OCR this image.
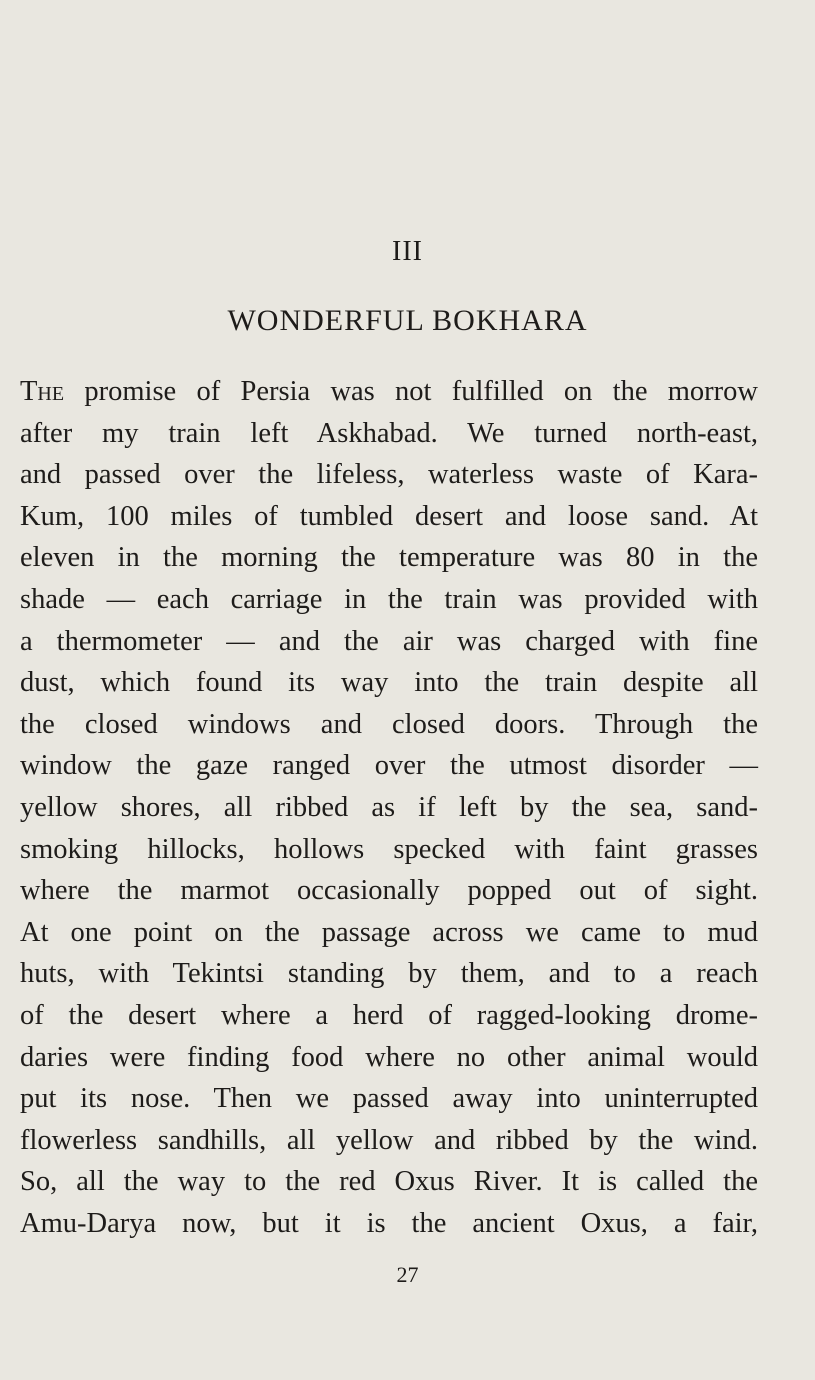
III
WONDERFUL BOKHARA
The promise of Persia was not fulfilled on the morrow
after my train left Askhabad. We turned north-east,
and passed over the lifeless, waterless waste of Kara-
Kum, 100 miles of tumbled desert and loose sand. At
eleven in the morning the temperature was 80 in the
shade — each carriage in the train was provided with
a thermometer — and the air was charged with fine
dust, which found its way into the train despite all
the closed windows and closed doors. Through the
window the gaze ranged over the utmost disorder —
yellow shores, all ribbed as if left by the sea, sand-
smoking hillocks, hollows specked with faint grasses
where the marmot occasionally popped out of sight.
At one point on the passage across we came to mud
huts, with Tekintsi standing by them, and to a reach
of the desert where a herd of ragged-looking drome-
daries were finding food where no other animal would
put its nose. Then we passed away into uninterrupted
flowerless sandhills, all yellow and ribbed by the wind.
So, all the way to the red Oxus River. It is called the
Amu-Darya now, but it is the ancient Oxus, a fair,
27
